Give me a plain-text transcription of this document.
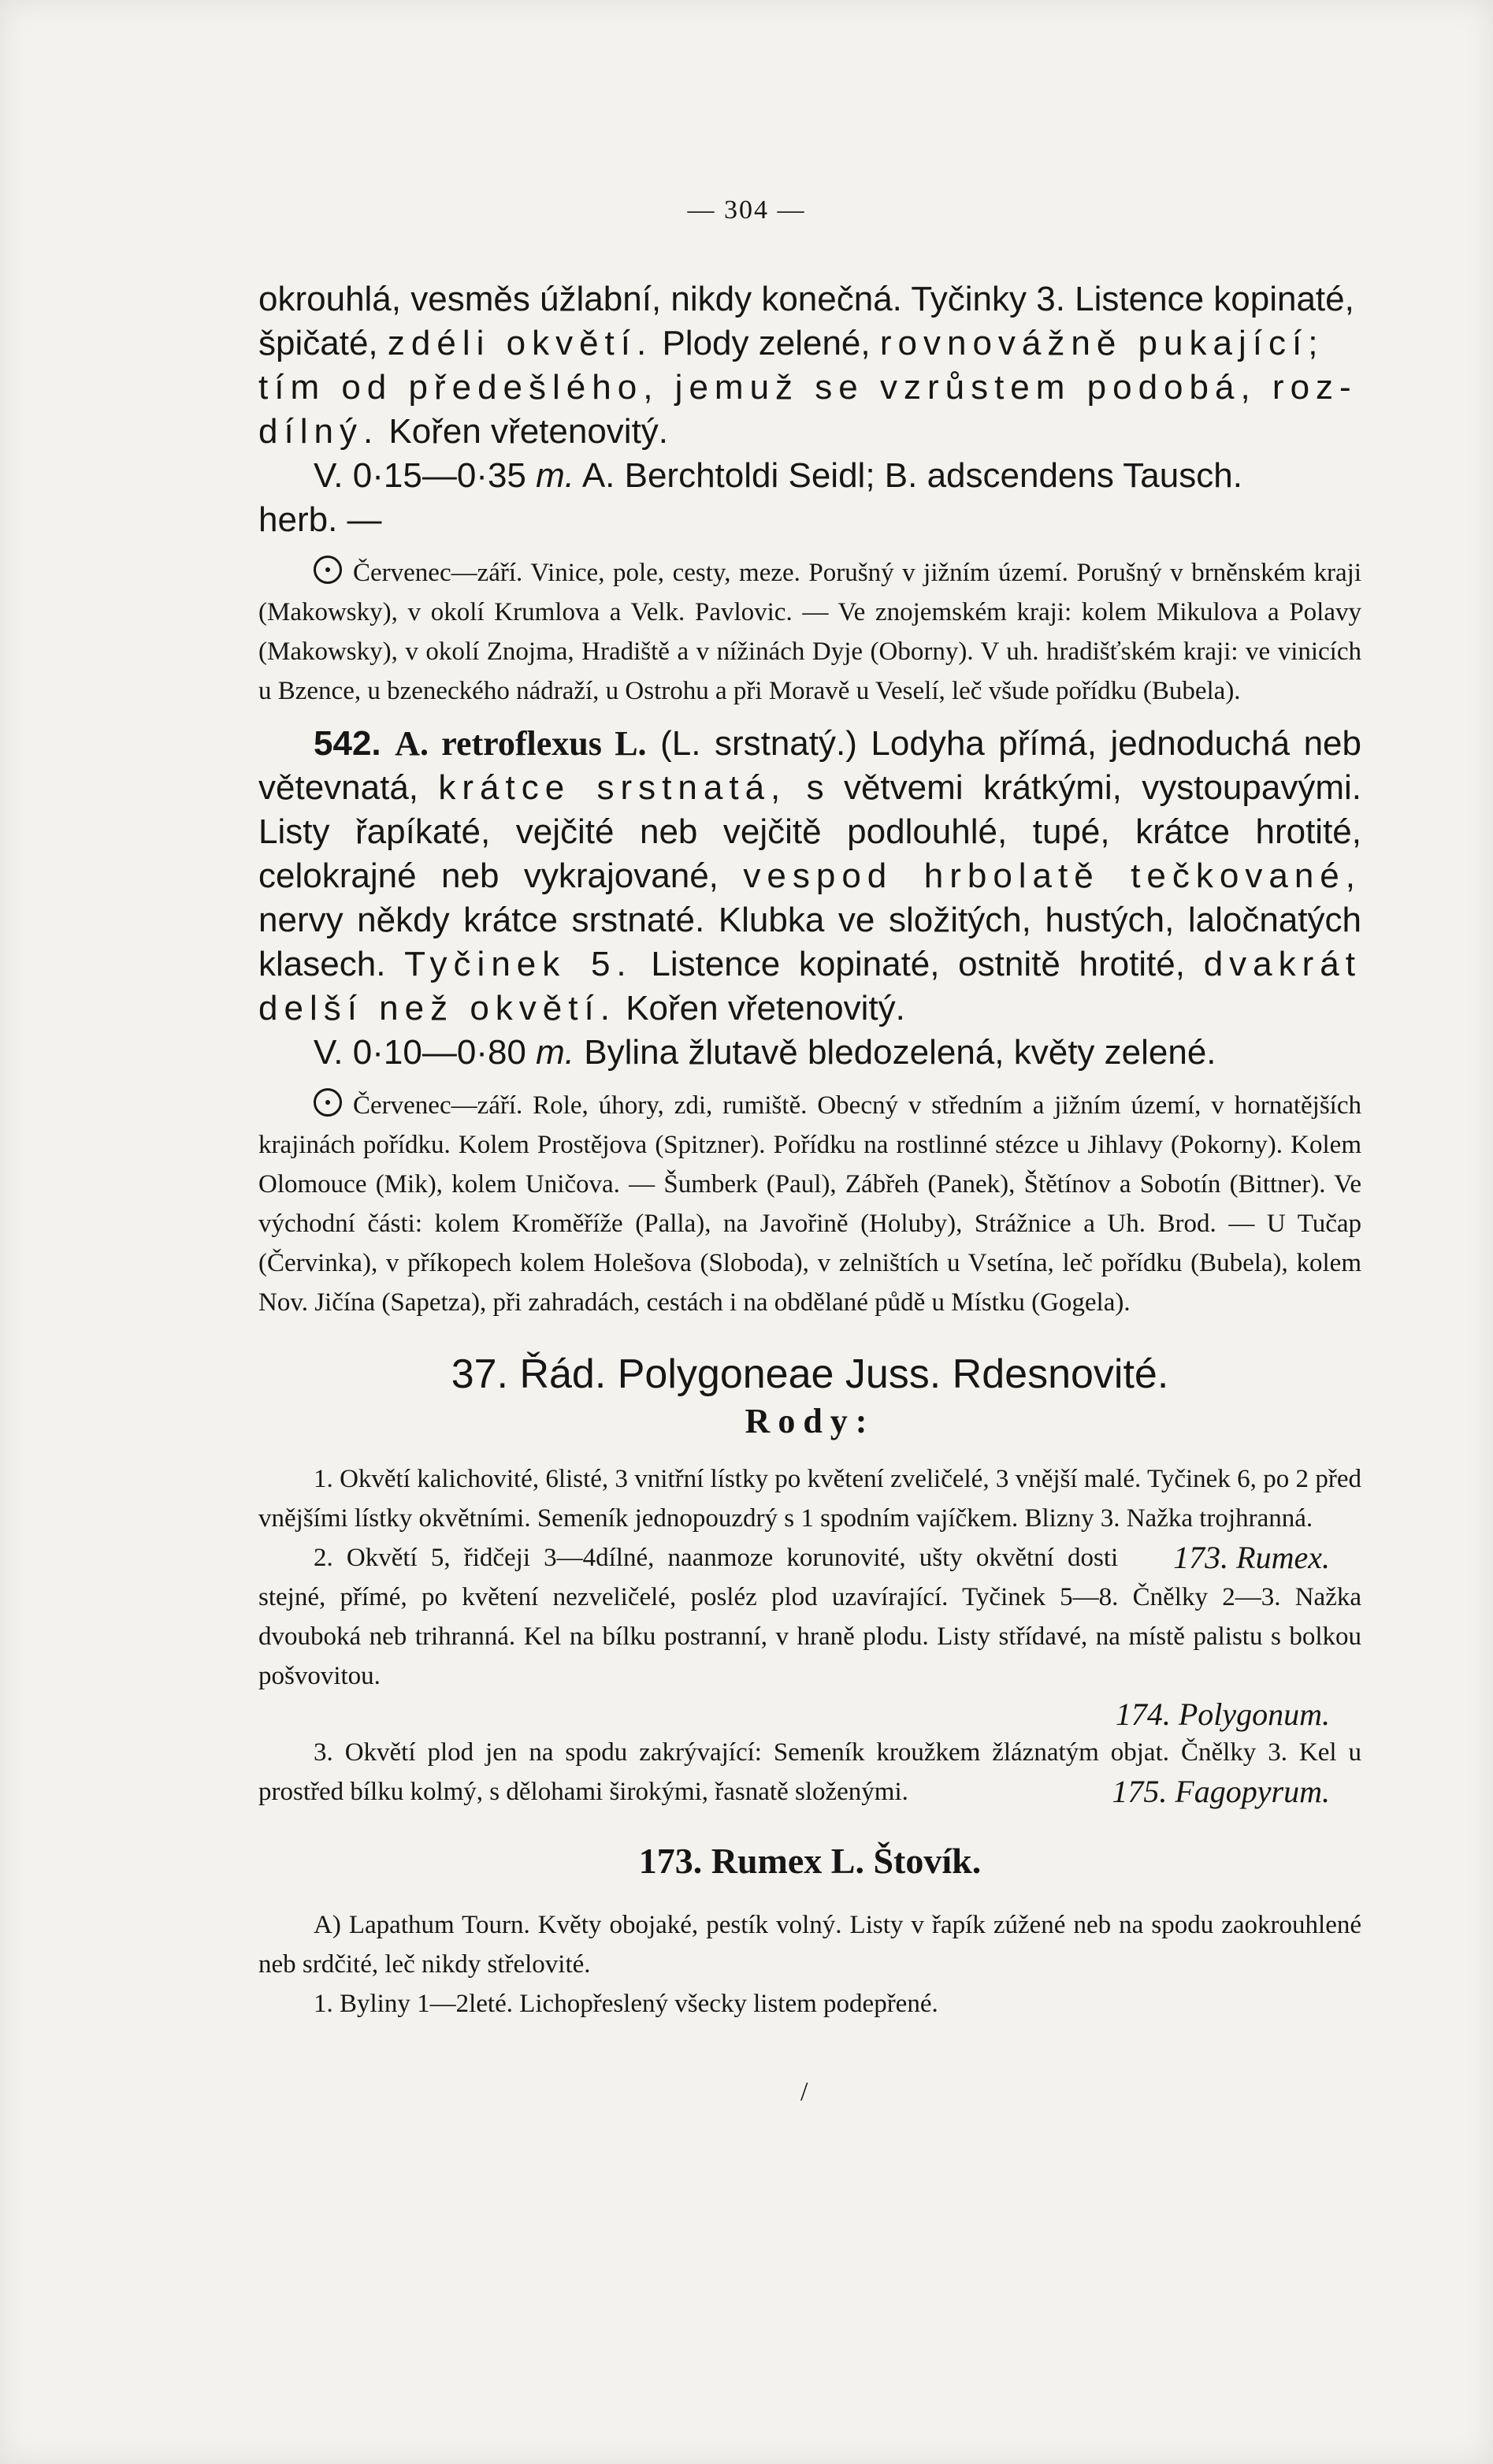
— 304 —

okrouhlá, vesměs úžlabní, nikdy konečná. Tyčinky 3. Listence kopinaté,
špičaté, zdéli okvětí. Plody zelené, rovnovážně pukající;
tím od předešlého, jemuž se vzrůstem podobá, roz-
dílný. Kořen vřetenovitý.
V. 0·15—0·35 m. A. Berchtoldi Seidl; B. adscendens Tausch.
herb. —

Červenec—září. Vinice, pole, cesty, meze. Porušný v jižním území. Porušný v brněnském kraji (Makowsky), v okolí Krumlova a Velk. Pavlovic. — Ve znojemském kraji: kolem Mikulova a Polavy (Makowsky), v okolí Znojma, Hradiště a v nížinách Dyje (Oborny). V uh. hradišťském kraji: ve vinicích u Bzence, u bzeneckého nádraží, u Ostrohu a při Moravě u Veselí, leč všude pořídku (Bubela).

542. A. retroflexus L. (L. srstnatý.) Lodyha přímá, jednoduchá neb větevnatá, krátce srstnatá, s větvemi krátkými, vystoupavými. Listy řapíkaté, vejčité neb vejčitě podlouhlé, tupé, krátce hrotité, celokrajné neb vykrajované, vespod hrbolatě tečkované, nervy někdy krátce srstnaté. Klubka ve složitých, hustých, laločnatých klasech. Tyčinek 5. Listence kopinaté, ostnitě hrotité, dvakrát delší než okvětí. Kořen vřetenovitý.
V. 0·10—0·80 m. Bylina žlutavě bledozelená, květy zelené.

Červenec—září. Role, úhory, zdi, rumiště. Obecný v středním a jižním území, v hornatějších krajinách pořídku. Kolem Prostějova (Spitzner). Pořídku na rostlinné stézce u Jihlavy (Pokorny). Kolem Olomouce (Mik), kolem Uničova. — Šumberk (Paul), Zábřeh (Panek), Štětínov a Sobotín (Bittner). Ve východní části: kolem Kroměříže (Palla), na Javořině (Holuby), Strážnice a Uh. Brod. — U Tučap (Červinka), v příkopech kolem Holešova (Sloboda), v zelništích u Vsetína, leč pořídku (Bubela), kolem Nov. Jičína (Sapetza), při zahradách, cestách i na obdělané půdě u Místku (Gogela).

37. Řád. Polygoneae Juss. Rdesnovité.
Rody:

1. Okvětí kalichovité, 6listé, 3 vnitřní lístky po květení zveličelé, 3 vnější malé. Tyčinek 6, po 2 před vnějšími lístky okvětními. Semeník jednopouzdrý s 1 spodním vajíčkem. Blizny 3. Nažka trojhranná.
173. Rumex.

2. Okvětí 5, řidčeji 3—4dílné, naanmoze korunovité, ušty okvětní dosti stejné, přímé, po květení nezveličelé, posléz plod uzavírající. Tyčinek 5—8. Čnělky 2—3. Nažka dvouboká neb trihranná. Kel na bílku postranní, v hraně plodu. Listy střídavé, na místě palistu s bolkou pošvovitou.

174. Polygonum.

3. Okvětí plod jen na spodu zakrývající: Semeník kroužkem žláznatým objat. Čnělky 3. Kel u prostřed bílku kolmý, s dělohami širokými, řasnatě složenými.	175. Fagopyrum.

173. Rumex L. Štovík.

A) Lapathum Tourn. Květy obojaké, pestík volný. Listy v řapík zúžené neb na spodu zaokrouhlené neb srdčité, leč nikdy střelovité.

1. Byliny 1—2leté. Lichopřeslený všecky listem podepřené.

/
